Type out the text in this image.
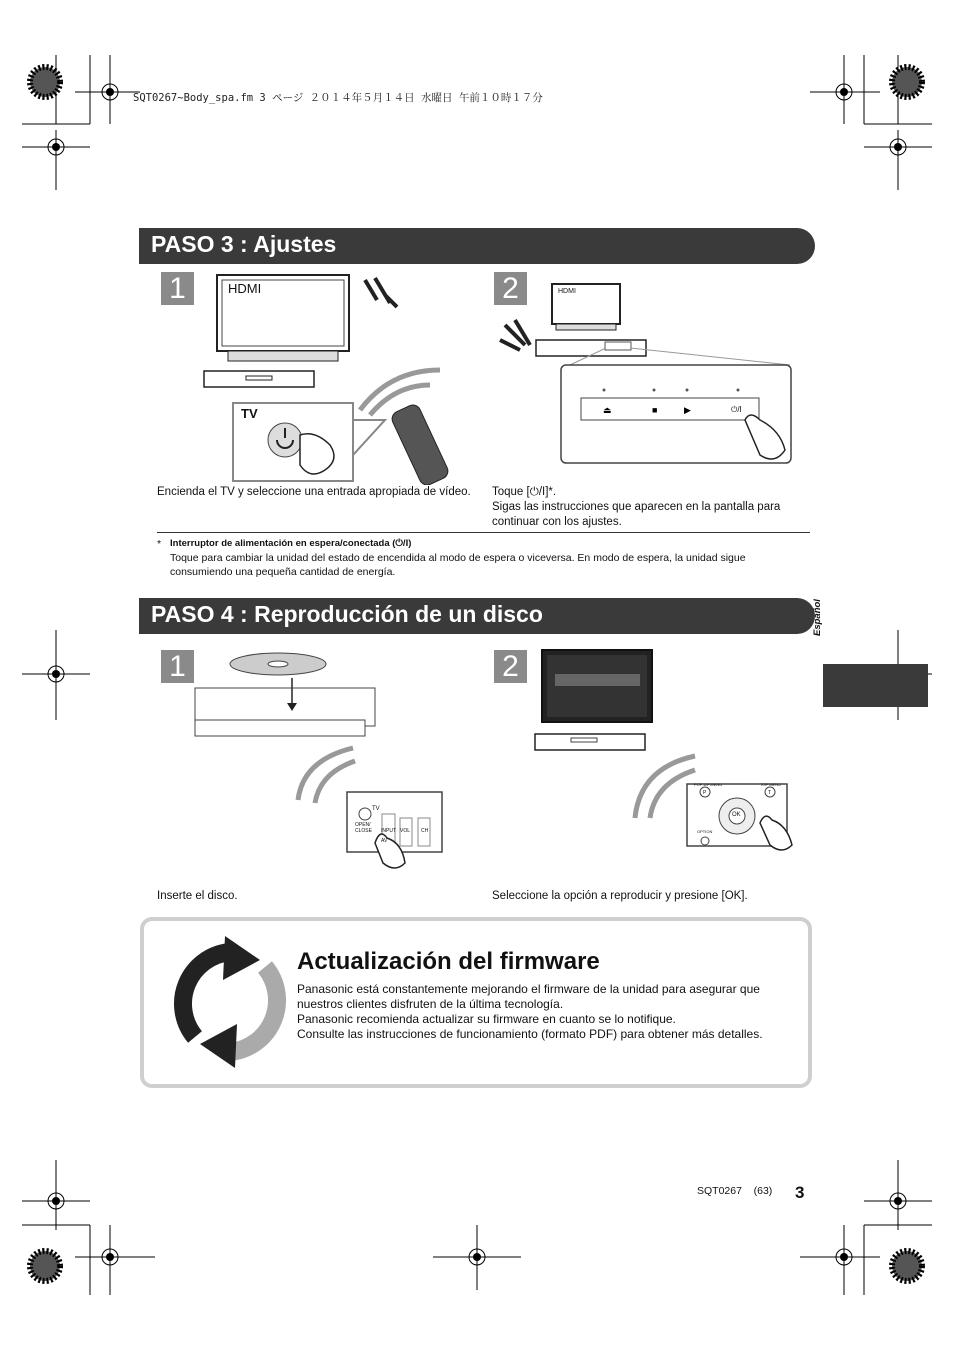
SQT0267~Body_spa.fm 3 ページ ２０１４年５月１４日 水曜日 午前１０時１７分
PASO 3 : Ajustes
1	2
HDMI
TV	⏏	■	▶
HDMI
⏻/I
Encienda el TV y seleccione una entrada apropiada de vídeo.	Toque [⏻/I]*.
Sigas las instrucciones que aparecen en la pantalla para continuar con los ajustes.
* Interruptor de alimentación en espera/conectada (⏻/I)
Toque para cambiar la unidad del estado de encendida al modo de espera o viceversa. En modo de espera, la unidad sigue consumiendo una pequeña cantidad de energía.
PASO 4 : Reproducción de un disco
1	2
TV
OPEN/
CLOSE INPUT
AV
VOL CH
OK
POP-UP MENU	TOP MENU
P	T
OPTION
Inserte el disco.	Seleccione la opción a reproducir y presione [OK].
Español
Actualización del firmware
Panasonic está constantemente mejorando el firmware de la unidad para asegurar que nuestros clientes disfruten de la última tecnología.
Panasonic recomienda actualizar su firmware en cuanto se lo notifique.
Consulte las instrucciones de funcionamiento (formato PDF) para obtener más detalles.
SQT0267 (63) 3
